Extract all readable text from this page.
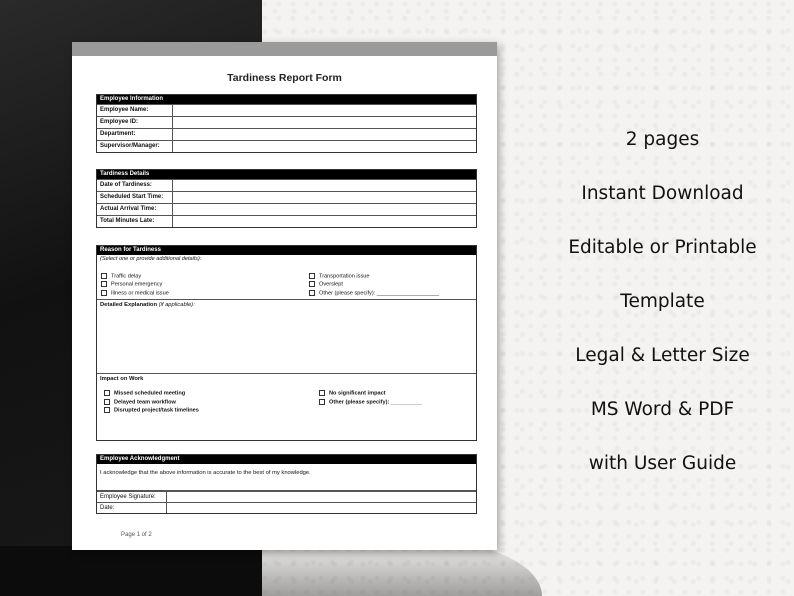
Tardiness Report Form
Employee Information
Employee Name:
Employee ID:
Department:
Supervisor/Manager:
Tardiness Details
Date of Tardiness:
Scheduled Start Time:
Actual Arrival Time:
Total Minutes Late:
Reason for Tardiness
(Select one or provide additional details):
Traffic delay	Transportation issue
Personal emergency	Overslept
Illness or medical issue	Other (please specify): ____________________
Detailed Explanation (if applicable):
Impact on Work
Missed scheduled meeting	No significant impact
Delayed team workflow	Other (please specify): __________
Disrupted project/task timelines
Employee Acknowledgment
I acknowledge that the above information is accurate to the best of my knowledge.
Employee Signature:
Date:
Page 1 of 2
2 pages
Instant Download
Editable or Printable
Template
Legal & Letter Size
MS Word & PDF
with User Guide
